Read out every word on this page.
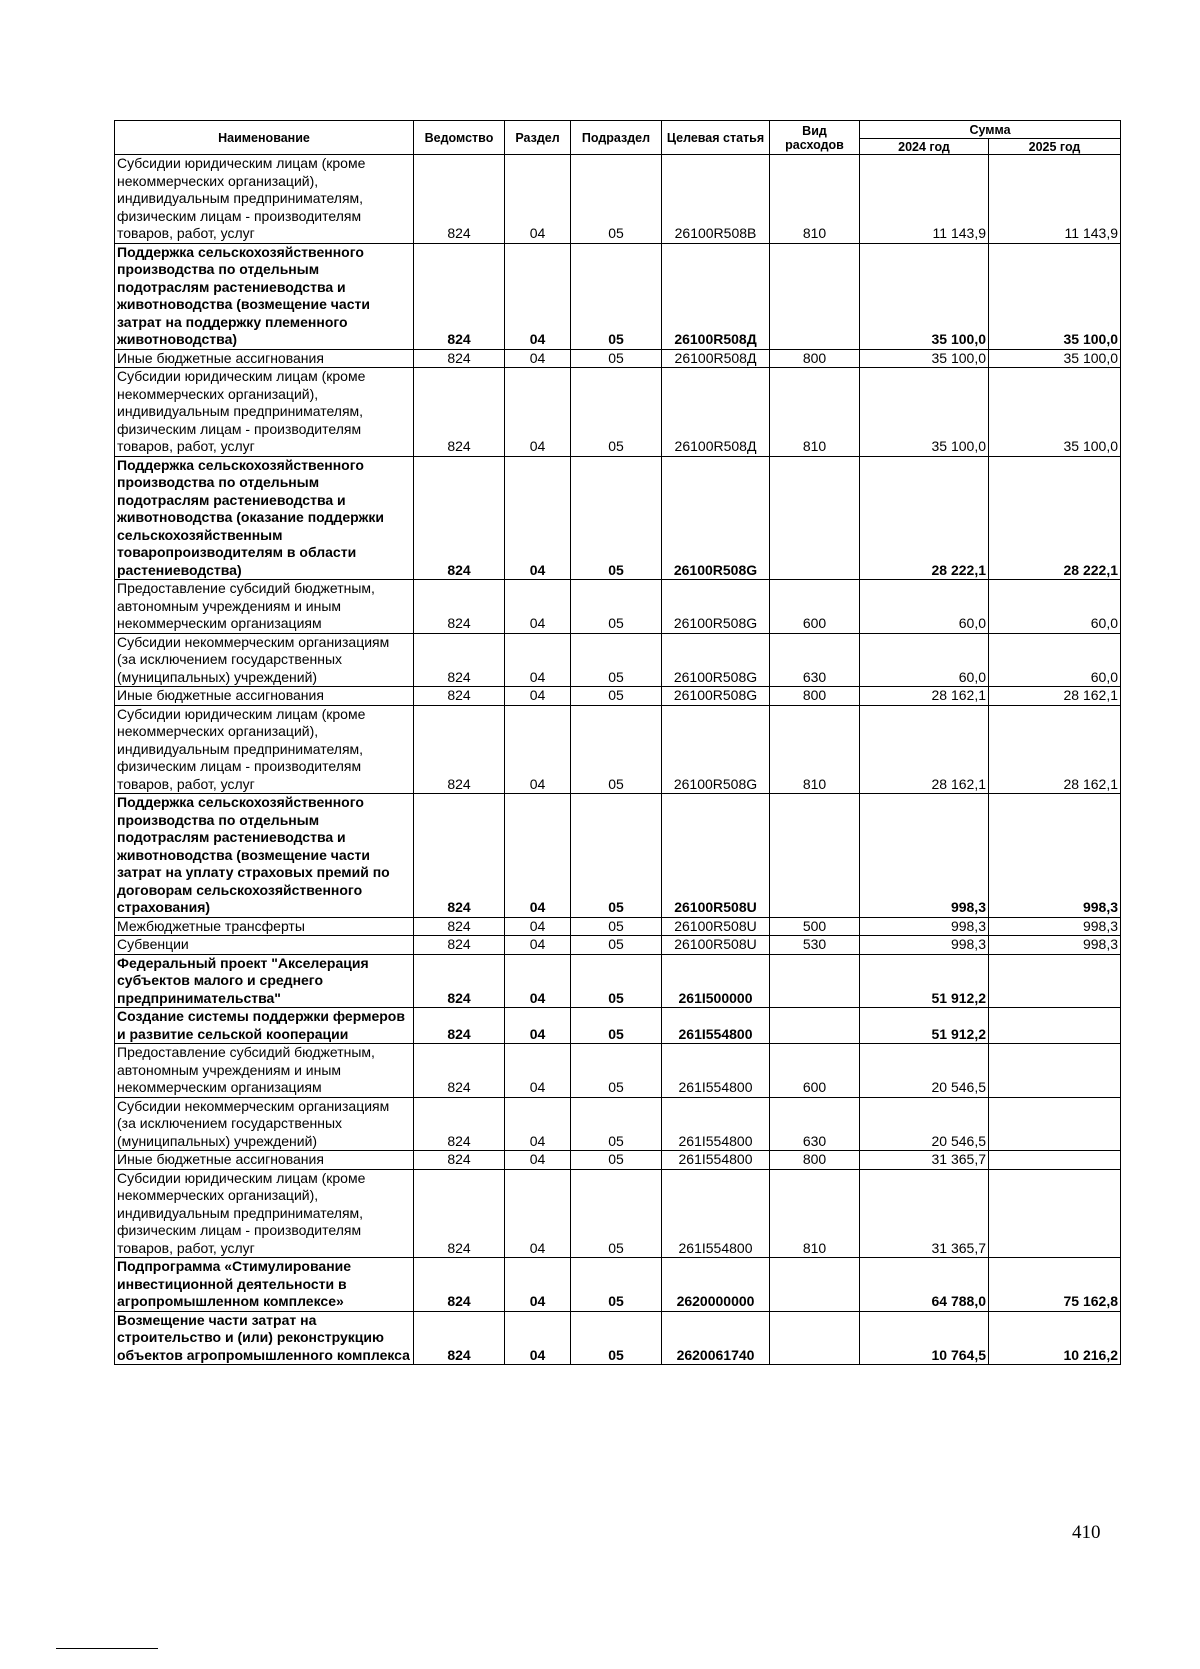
Наименование	Ведомство	Раздел	Подраздел	Целевая статья	Вид расходов	Сумма	
						2024 год	2025 год
Субсидии юридическим лицам (кроме некоммерческих организаций), индивидуальным предпринимателям, физическим лицам - производителям товаров, работ, услуг	824	04	05	26100R508B	810	11 143,9	11 143,9
Поддержка сельскохозяйственного производства по отдельным подотраслям растениеводства и животноводства (возмещение части затрат на поддержку племенного животноводства)	824	04	05	26100R508Д		35 100,0	35 100,0
Иные бюджетные ассигнования	824	04	05	26100R508Д	800	35 100,0	35 100,0
Субсидии юридическим лицам (кроме некоммерческих организаций), индивидуальным предпринимателям, физическим лицам - производителям товаров, работ, услуг	824	04	05	26100R508Д	810	35 100,0	35 100,0
Поддержка сельскохозяйственного производства по отдельным подотраслям растениеводства и животноводства (оказание поддержки сельскохозяйственным товаропроизводителям в области растениеводства)	824	04	05	26100R508G		28 222,1	28 222,1
Предоставление субсидий бюджетным, автономным учреждениям и иным некоммерческим организациям	824	04	05	26100R508G	600	60,0	60,0
Субсидии некоммерческим организациям (за исключением государственных (муниципальных) учреждений)	824	04	05	26100R508G	630	60,0	60,0
Иные бюджетные ассигнования	824	04	05	26100R508G	800	28 162,1	28 162,1
Субсидии юридическим лицам (кроме некоммерческих организаций), индивидуальным предпринимателям, физическим лицам - производителям товаров, работ, услуг	824	04	05	26100R508G	810	28 162,1	28 162,1
Поддержка сельскохозяйственного производства по отдельным подотраслям растениеводства и животноводства (возмещение части затрат на уплату страховых премий по договорам сельскохозяйственного страхования)	824	04	05	26100R508U		998,3	998,3
Межбюджетные трансферты	824	04	05	26100R508U	500	998,3	998,3
Субвенции	824	04	05	26100R508U	530	998,3	998,3
Федеральный проект "Акселерация субъектов малого и среднего предпринимательства"	824	04	05	261I500000		51 912,2	
Создание системы поддержки фермеров и развитие сельской кооперации	824	04	05	261I554800		51 912,2	
Предоставление субсидий бюджетным, автономным учреждениям и иным некоммерческим организациям	824	04	05	261I554800	600	20 546,5	
Субсидии некоммерческим организациям (за исключением государственных (муниципальных) учреждений)	824	04	05	261I554800	630	20 546,5	
Иные бюджетные ассигнования	824	04	05	261I554800	800	31 365,7	
Субсидии юридическим лицам (кроме некоммерческих организаций), индивидуальным предпринимателям, физическим лицам - производителям товаров, работ, услуг	824	04	05	261I554800	810	31 365,7	
Подпрограмма «Стимулирование инвестиционной деятельности в агропромышленном комплексе»	824	04	05	2620000000		64 788,0	75 162,8
Возмещение части затрат на строительство и (или) реконструкцию объектов агропромышленного комплекса	824	04	05	2620061740		10 764,5	10 216,2
410
